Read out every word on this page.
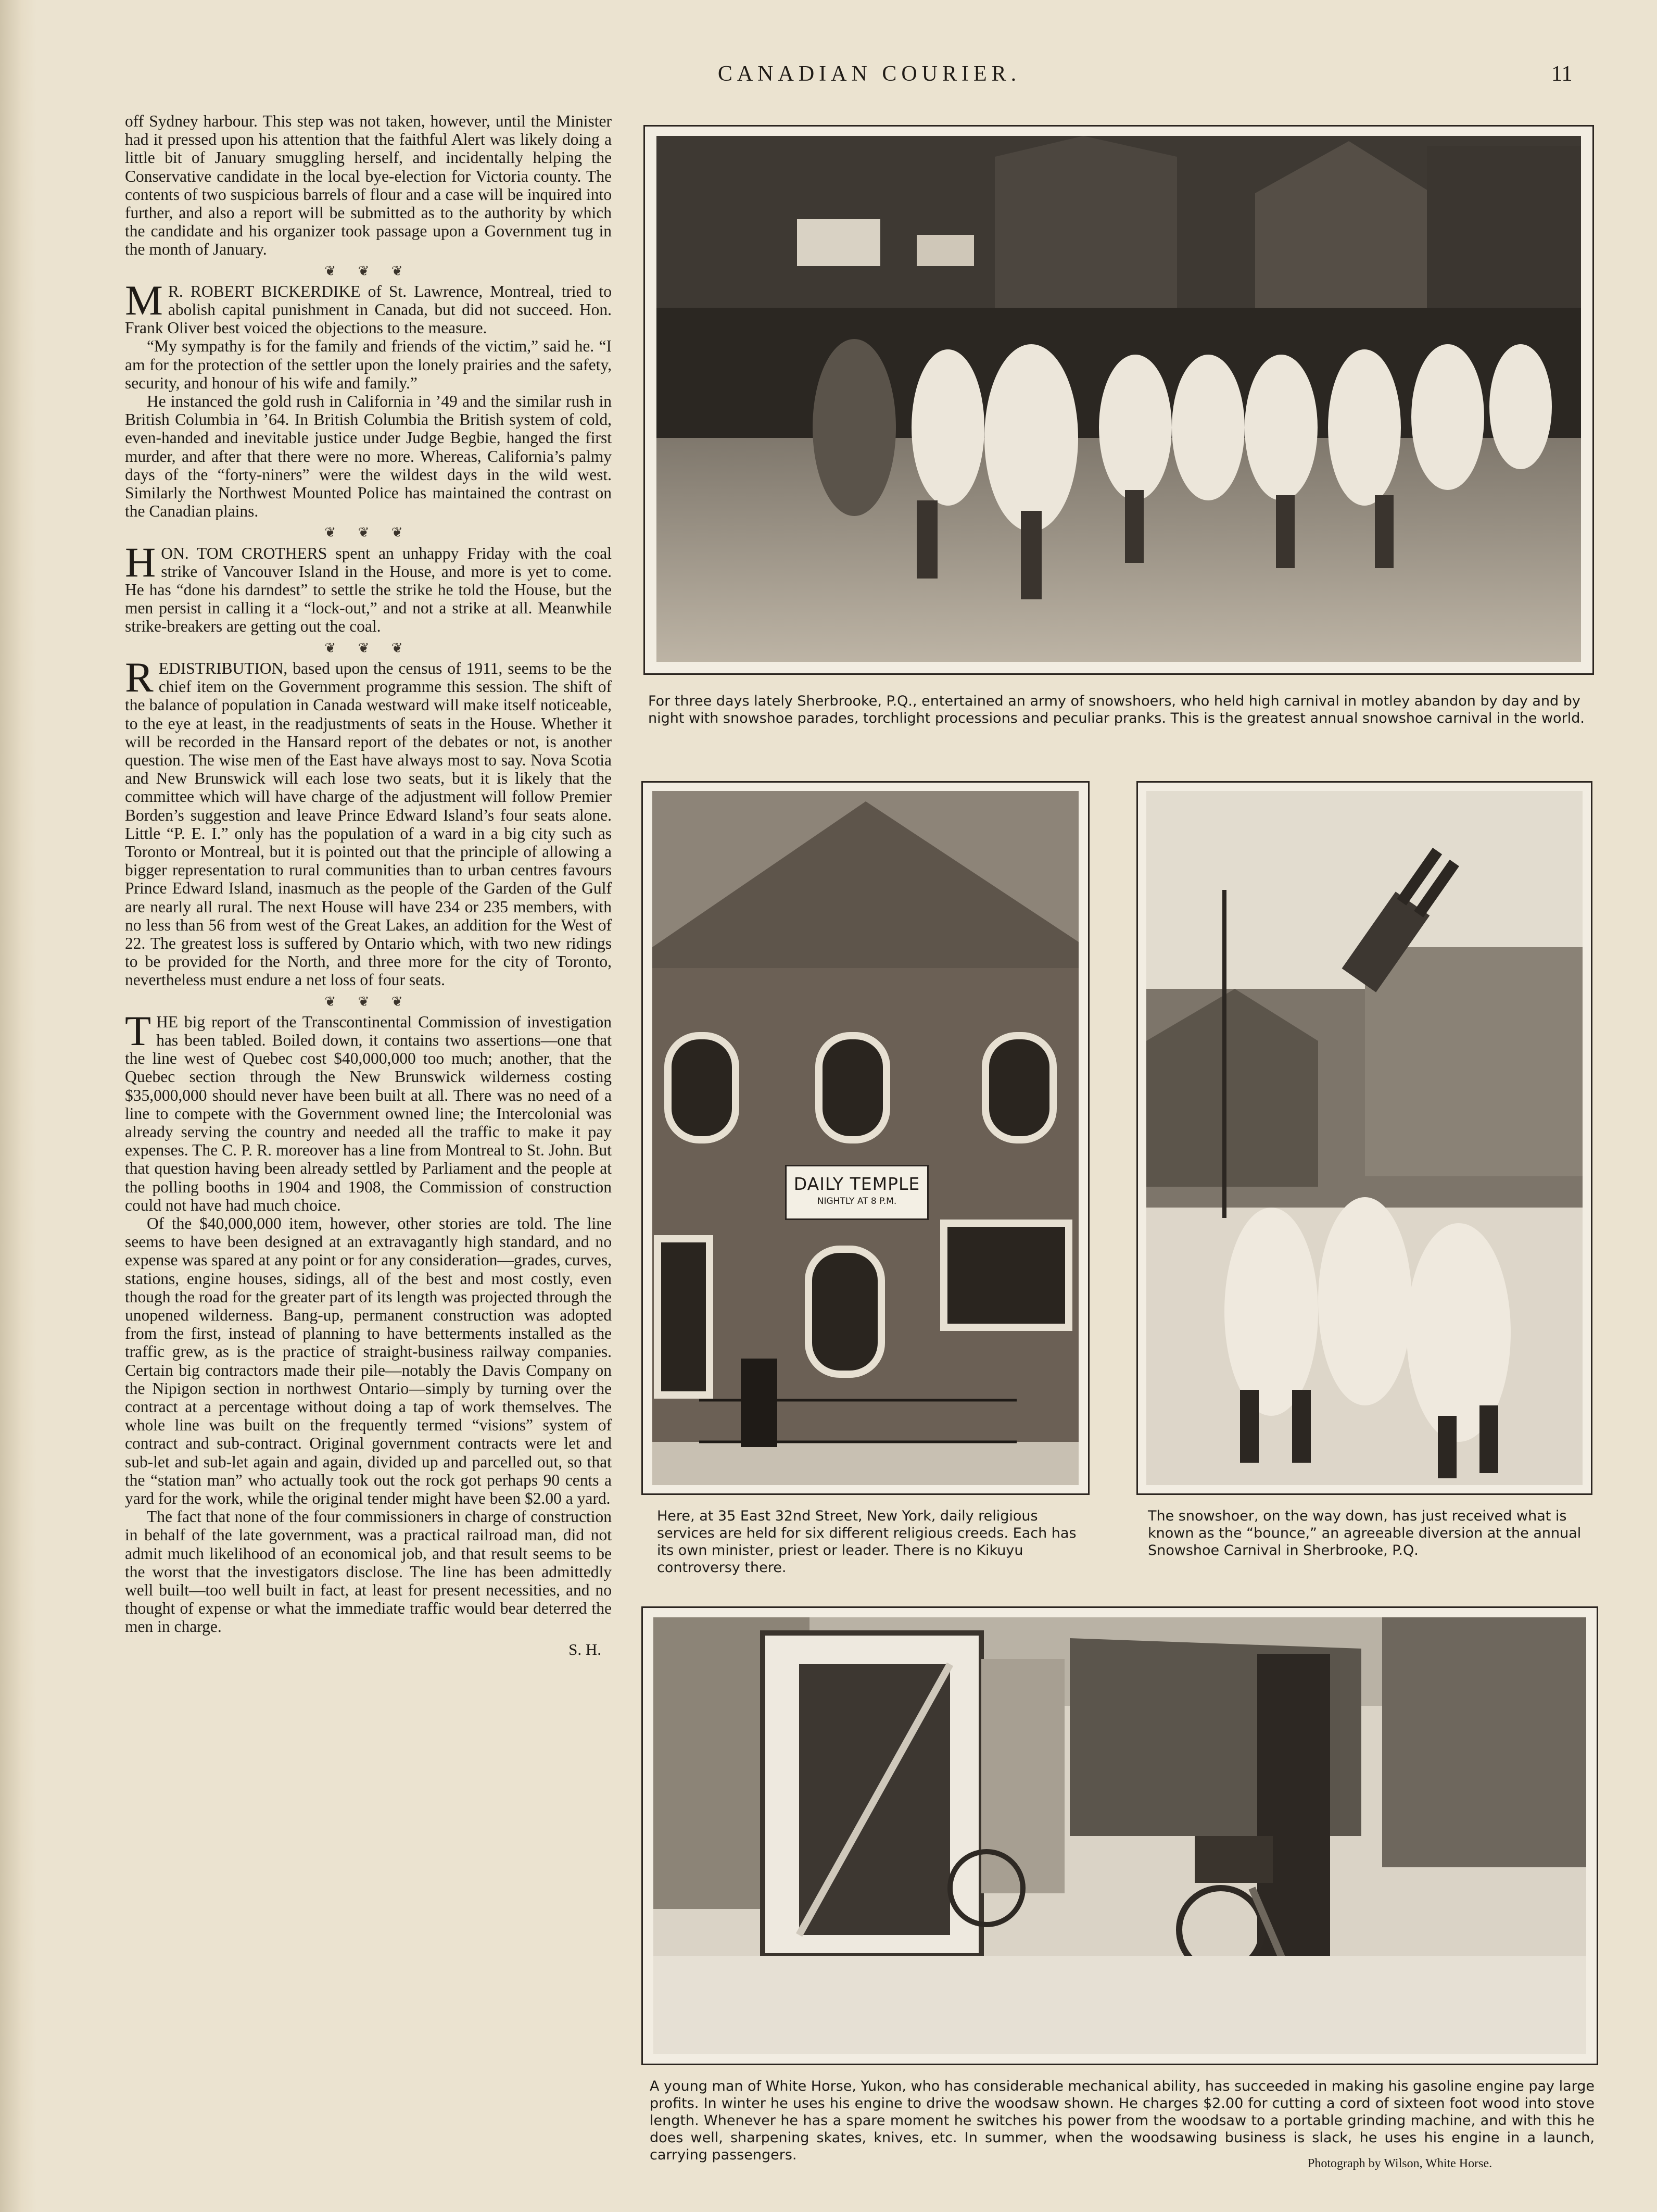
CANADIAN COURIER.	11

off Sydney harbour. This step was not taken, however, until the Minister had it pressed upon his attention that the faithful Alert was likely doing a little bit of January smuggling herself, and incidentally helping the Conservative candidate in the local bye-election for Victoria county. The contents of two suspicious barrels of flour and a case will be inquired into further, and also a report will be submitted as to the authority by which the candidate and his organizer took passage upon a Government tug in the month of January.

❦ ❦ ❦

M R. ROBERT BICKERDIKE of St. Lawrence, Montreal, tried to abolish capital punishment in Canada, but did not succeed. Hon. Frank Oliver best voiced the objections to the measure.

“My sympathy is for the family and friends of the victim,” said he. “I am for the protection of the settler upon the lonely prairies and the safety, security, and honour of his wife and family.”

He instanced the gold rush in California in ’49 and the similar rush in British Columbia in ’64. In British Columbia the British system of cold, even-handed and inevitable justice under Judge Begbie, hanged the first murder, and after that there were no more. Whereas, California’s palmy days of the “forty-niners” were the wildest days in the wild west. Similarly the Northwest Mounted Police has maintained the contrast on the Canadian plains.

❦ ❦ ❦

HON. TOM CROTHERS spent an unhappy Friday with the coal strike of Vancouver Island in the House, and more is yet to come. He has “done his darndest” to settle the strike he told the House, but the men persist in calling it a “lock-out,” and not a strike at all. Meanwhile strike-breakers are getting out the coal.

❦ ❦ ❦

REDISTRIBUTION, based upon the census of 1911, seems to be the chief item on the Government programme this session. The shift of the balance of population in Canada westward will make itself noticeable, to the eye at least, in the readjustments of seats in the House. Whether it will be recorded in the Hansard report of the debates or not, is another question. The wise men of the East have always most to say. Nova Scotia and New Brunswick will each lose two seats, but it is likely that the committee which will have charge of the adjustment will follow Premier Borden’s suggestion and leave Prince Edward Island’s four seats alone. Little “P. E. I.” only has the population of a ward in a big city such as Toronto or Montreal, but it is pointed out that the principle of allowing a bigger representation to rural communities than to urban centres favours Prince Edward Island, inasmuch as the people of the Garden of the Gulf are nearly all rural. The next House will have 234 or 235 members, with no less than 56 from west of the Great Lakes, an addition for the West of 22. The greatest loss is suffered by Ontario which, with two new ridings to be provided for the North, and three more for the city of Toronto, nevertheless must endure a net loss of four seats.

❦ ❦ ❦

THE big report of the Transcontinental Commission of investigation has been tabled. Boiled down, it contains two assertions—one that the line west of Quebec cost $40,000,000 too much; another, that the Quebec section through the New Brunswick wilderness costing $35,000,000 should never have been built at all. There was no need of a line to compete with the Government owned line; the Intercolonial was already serving the country and needed all the traffic to make it pay expenses. The C. P. R. moreover has a line from Montreal to St. John. But that question having been already settled by Parliament and the people at the polling booths in 1904 and 1908, the Commission of construction could not have had much choice.

Of the $40,000,000 item, however, other stories are told. The line seems to have been designed at an extravagantly high standard, and no expense was spared at any point or for any consideration—grades, curves, stations, engine houses, sidings, all of the best and most costly, even though the road for the greater part of its length was projected through the unopened wilderness. Bang-up, permanent construction was adopted from the first, instead of planning to have betterments installed as the traffic grew, as is the practice of straight-business railway companies. Certain big contractors made their pile—notably the Davis Company on the Nipigon section in northwest Ontario—simply by turning over the contract at a percentage without doing a tap of work themselves. The whole line was built on the frequently termed “visions” system of contract and sub-contract. Original government contracts were let and sub-let and sub-let again and again, divided up and parcelled out, so that the “station man” who actually took out the rock got perhaps 90 cents a yard for the work, while the original tender might have been $2.00 a yard.

The fact that none of the four commissioners in charge of construction in behalf of the late government, was a practical railroad man, did not admit much likelihood of an economical job, and that result seems to be the worst that the investigators disclose. The line has been admittedly well built—too well built in fact, at least for present necessities, and no thought of expense or what the immediate traffic would bear deterred the men in charge.

S. H.
For three days lately Sherbrooke, P.Q., entertained an army of snowshoers, who held high carnival in motley abandon by day and by night with snowshoe parades, torchlight processions and peculiar pranks. This is the greatest annual snowshoe carnival in the world.
DAILY TEMPLE
NIGHTLY AT 8 P.M.
Here, at 35 East 32nd Street, New York, daily religious services are held for six different religious creeds. Each has its own minister, priest or leader. There is no Kikuyu controversy there.
The snowshoer, on the way down, has just received what is known as the “bounce,” an agreeable diversion at the annual Snowshoe Carnival in Sherbrooke, P.Q.
A young man of White Horse, Yukon, who has considerable mechanical ability, has succeeded in making his gasoline engine pay large profits. In winter he uses his engine to drive the woodsaw shown. He charges $2.00 for cutting a cord of sixteen foot wood into stove length. Whenever he has a spare moment he switches his power from the woodsaw to a portable grinding machine, and with this he does well, sharpening skates, knives, etc. In summer, when the woodsawing business is slack, he uses his engine in a launch, carrying passengers.
Photograph by Wilson, White Horse.
